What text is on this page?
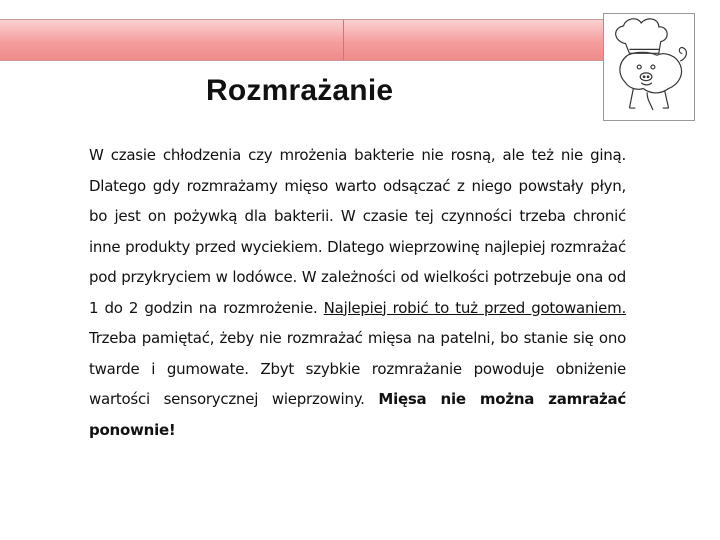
Rozmrażanie
W czasie chłodzenia czy mrożenia bakterie nie rosną, ale też nie giną. Dlatego gdy rozmrażamy mięso warto odsączać z niego powstały płyn, bo jest on pożywką dla bakterii. W czasie tej czynności trzeba chronić inne produkty przed wyciekiem. Dlatego wieprzowinę najlepiej rozmrażać pod przykryciem w lodówce. W zależności od wielkości potrzebuje ona od 1 do 2 godzin na rozmrożenie. Najlepiej robić to tuż przed gotowaniem. Trzeba pamiętać, żeby nie rozmrażać mięsa na patelni, bo stanie się ono twarde i gumowate. Zbyt szybkie rozmrażanie powoduje obniżenie wartości sensorycznej wieprzowiny. Mięsa nie można zamrażać ponownie!
